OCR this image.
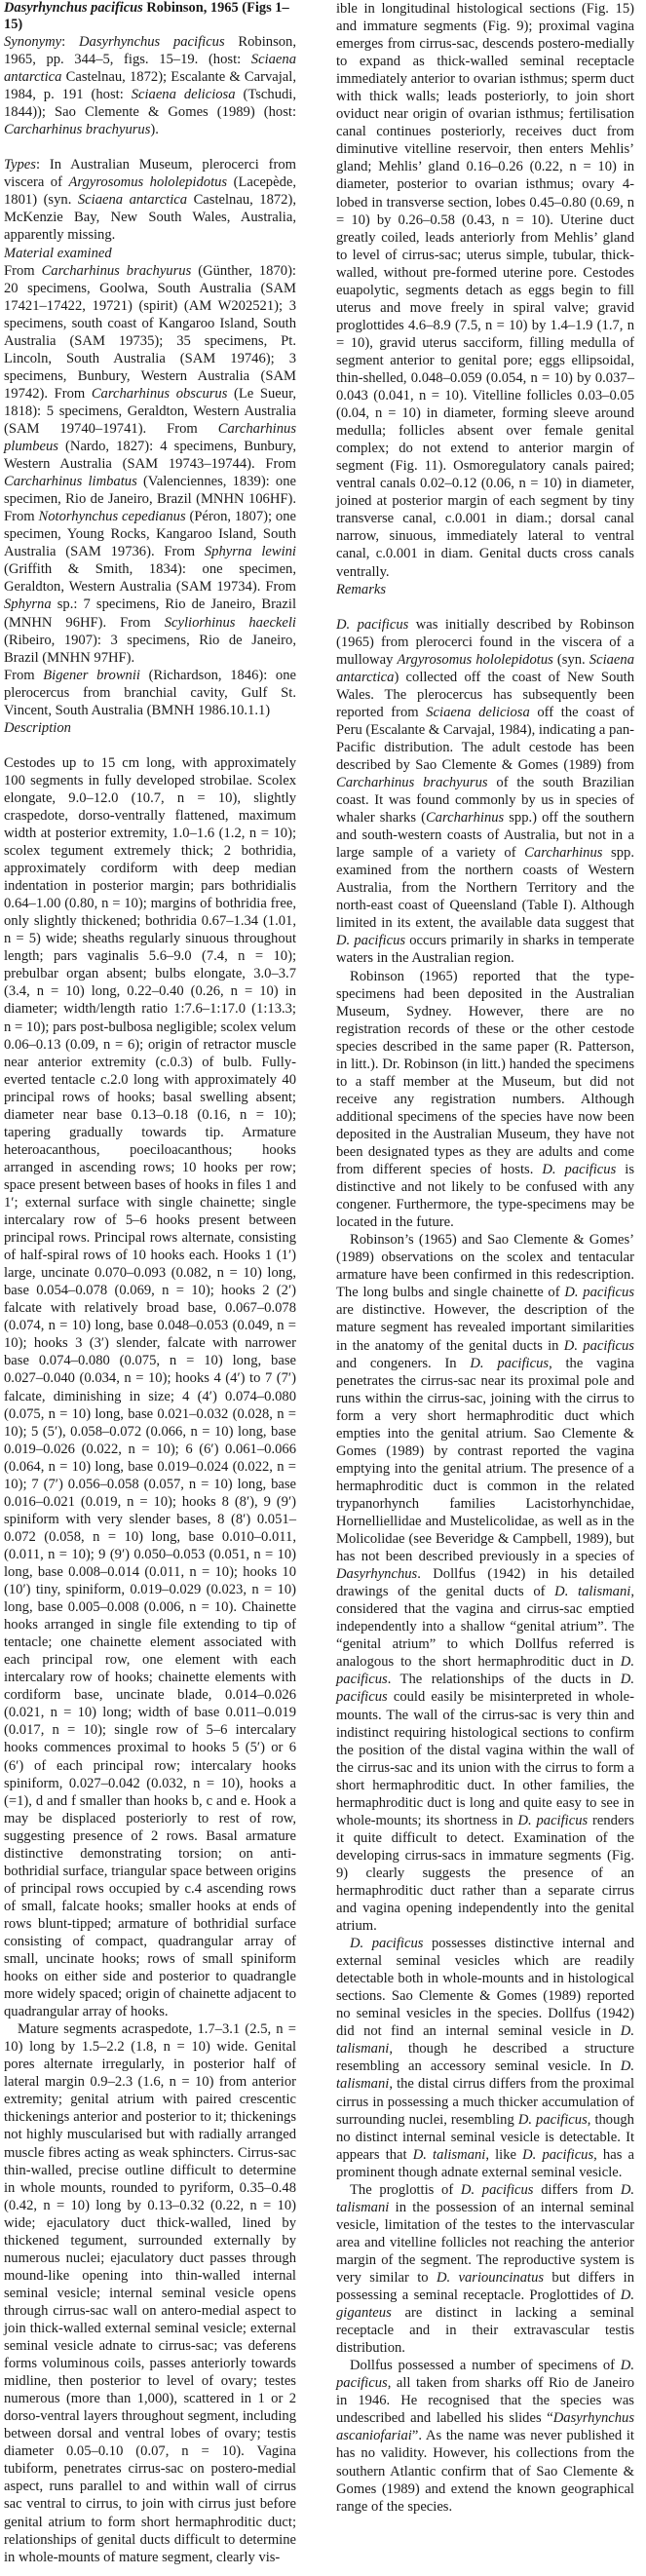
Dasyrhynchus pacificus Robinson, 1965 (Figs 1–15)

Synonymy: Dasyrhynchus pacificus Robinson, 1965, pp. 344–5, figs. 15–19. (host: Sciaena antarctica Castelnau, 1872); Escalante & Carvajal, 1984, p. 191 (host: Sciaena deliciosa (Tschudi, 1844)); Sao Clemente & Gomes (1989) (host: Carcharhinus brachyurus).

Types: In Australian Museum, plerocerci from viscera of Argyrosomus hololepidotus (Lacepède, 1801) (syn. Sciaena antarctica Castelnau, 1872), McKenzie Bay, New South Wales, Australia, apparently missing.

Material examined

From Carcharhinus brachyurus (Günther, 1870): 20 specimens, Goolwa, South Australia (SAM 17421–17422, 19721) (spirit) (AM W202521); 3 specimens, south coast of Kangaroo Island, South Australia (SAM 19735); 35 specimens, Pt. Lincoln, South Australia (SAM 19746); 3 specimens, Bunbury, Western Australia (SAM 19742). From Carcharhinus obscurus (Le Sueur, 1818): 5 specimens, Geraldton, Western Australia (SAM 19740–19741). From Carcharhinus plumbeus (Nardo, 1827): 4 specimens, Bunbury, Western Australia (SAM 19743–19744). From Carcharhinus limbatus (Valenciennes, 1839): one specimen, Rio de Janeiro, Brazil (MNHN 106HF). From Notorhynchus cepedianus (Péron, 1807); one specimen, Young Rocks, Kangaroo Island, South Australia (SAM 19736). From Sphyrna lewini (Griffith & Smith, 1834): one specimen, Geraldton, Western Australia (SAM 19734). From Sphyrna sp.: 7 specimens, Rio de Janeiro, Brazil (MNHN 96HF). From Scyliorhinus haeckeli (Ribeiro, 1907): 3 specimens, Rio de Janeiro, Brazil (MNHN 97HF).

From Bigener brownii (Richardson, 1846): one plerocercus from branchial cavity, Gulf St. Vincent, South Australia (BMNH 1986.10.1.1)

Description

Cestodes up to 15 cm long, with approximately 100 segments in fully developed strobilae. Scolex elongate, 9.0–12.0 (10.7, n = 10), slightly craspedote, dorso-ventrally flattened, maximum width at posterior extremity, 1.0–1.6 (1.2, n = 10); scolex tegument extremely thick; 2 bothridia, approximately cordiform with deep median indentation in posterior margin; pars bothridialis 0.64–1.00 (0.80, n = 10); margins of bothridia free, only slightly thickened; bothridia 0.67–1.34 (1.01, n = 5) wide; sheaths regularly sinuous throughout length; pars vaginalis 5.6–9.0 (7.4, n = 10); prebulbar organ absent; bulbs elongate, 3.0–3.7 (3.4, n = 10) long, 0.22–0.40 (0.26, n = 10) in diameter; width/length ratio 1:7.6–1:17.0 (1:13.3; n = 10); pars post-bulbosa negligible; scolex velum 0.06–0.13 (0.09, n = 6); origin of retractor muscle near anterior extremity (c.0.3) of bulb. Fully-everted tentacle c.2.0 long with approximately 40 principal rows of hooks; basal swelling absent; diameter near base 0.13–0.18 (0.16, n = 10); tapering gradually towards tip. Armature heteroacanthous, poeciloacanthous; hooks arranged in ascending rows; 10 hooks per row; space present between bases of hooks in files 1 and 1′; external surface with single chainette; single intercalary row of 5–6 hooks present between principal rows. Principal rows alternate, consisting of half-spiral rows of 10 hooks each. Hooks 1 (1′) large, uncinate 0.070–0.093 (0.082, n = 10) long, base 0.054–0.078 (0.069, n = 10); hooks 2 (2′) falcate with relatively broad base, 0.067–0.078 (0.074, n = 10) long, base 0.048–0.053 (0.049, n = 10); hooks 3 (3′) slender, falcate with narrower base 0.074–0.080 (0.075, n = 10) long, base 0.027–0.040 (0.034, n = 10); hooks 4 (4′) to 7 (7′) falcate, diminishing in size; 4 (4′) 0.074–0.080 (0.075, n = 10) long, base 0.021–0.032 (0.028, n = 10); 5 (5′), 0.058–0.072 (0.066, n = 10) long, base 0.019–0.026 (0.022, n = 10); 6 (6′) 0.061–0.066 (0.064, n = 10) long, base 0.019–0.024 (0.022, n = 10); 7 (7′) 0.056–0.058 (0.057, n = 10) long, base 0.016–0.021 (0.019, n = 10); hooks 8 (8′), 9 (9′) spiniform with very slender bases, 8 (8′) 0.051–0.072 (0.058, n = 10) long, base 0.010–0.011, (0.011, n = 10); 9 (9′) 0.050–0.053 (0.051, n = 10) long, base 0.008–0.014 (0.011, n = 10); hooks 10 (10′) tiny, spiniform, 0.019–0.029 (0.023, n = 10) long, base 0.005–0.008 (0.006, n = 10). Chainette hooks arranged in single file extending to tip of tentacle; one chainette element associated with each principal row, one element with each intercalary row of hooks; chainette elements with cordiform base, uncinate blade, 0.014–0.026 (0.021, n = 10) long; width of base 0.011–0.019 (0.017, n = 10); single row of 5–6 intercalary hooks commences proximal to hooks 5 (5′) or 6 (6′) of each principal row; intercalary hooks spiniform, 0.027–0.042 (0.032, n = 10), hooks a (=1), d and f smaller than hooks b, c and e. Hook a may be displaced posteriorly to rest of row, suggesting presence of 2 rows. Basal armature distinctive demonstrating torsion; on anti-bothridial surface, triangular space between origins of principal rows occupied by c.4 ascending rows of small, falcate hooks; smaller hooks at ends of rows blunt-tipped; armature of bothridial surface consisting of compact, quadrangular array of small, uncinate hooks; rows of small spiniform hooks on either side and posterior to quadrangle more widely spaced; origin of chainette adjacent to quadrangular array of hooks.

Mature segments acraspedote, 1.7–3.1 (2.5, n = 10) long by 1.5–2.2 (1.8, n = 10) wide. Genital pores alternate irregularly, in posterior half of lateral margin 0.9–2.3 (1.6, n = 10) from anterior extremity; genital atrium with paired crescentic thickenings anterior and posterior to it; thickenings not highly muscularised but with radially arranged muscle fibres acting as weak sphincters. Cirrus-sac thin-walled, precise outline difficult to determine in whole mounts, rounded to pyriform, 0.35–0.48 (0.42, n = 10) long by 0.13–0.32 (0.22, n = 10) wide; ejaculatory duct thick-walled, lined by thickened tegument, surrounded externally by numerous nuclei; ejaculatory duct passes through mound-like opening into thin-walled internal seminal vesicle; internal seminal vesicle opens through cirrus-sac wall on antero-medial aspect to join thick-walled external seminal vesicle; external seminal vesicle adnate to cirrus-sac; vas deferens forms voluminous coils, passes anteriorly towards midline, then posterior to level of ovary; testes numerous (more than 1,000), scattered in 1 or 2 dorso-ventral layers throughout segment, including between dorsal and ventral lobes of ovary; testis diameter 0.05–0.10 (0.07, n = 10). Vagina tubiform, penetrates cirrus-sac on postero-medial aspect, runs parallel to and within wall of cirrus sac ventral to cirrus, to join with cirrus just before genital atrium to form short hermaphroditic duct; relationships of genital ducts difficult to determine in whole-mounts of mature segment, clearly vis-

ible in longitudinal histological sections (Fig. 15) and immature segments (Fig. 9); proximal vagina emerges from cirrus-sac, descends postero-medially to expand as thick-walled seminal receptacle immediately anterior to ovarian isthmus; sperm duct with thick walls; leads posteriorly, to join short oviduct near origin of ovarian isthmus; fertilisation canal continues posteriorly, receives duct from diminutive vitelline reservoir, then enters Mehlis’ gland; Mehlis’ gland 0.16–0.26 (0.22, n = 10) in diameter, posterior to ovarian isthmus; ovary 4-lobed in transverse section, lobes 0.45–0.80 (0.69, n = 10) by 0.26–0.58 (0.43, n = 10). Uterine duct greatly coiled, leads anteriorly from Mehlis’ gland to level of cirrus-sac; uterus simple, tubular, thick-walled, without pre-formed uterine pore. Cestodes euapolytic, segments detach as eggs begin to fill uterus and move freely in spiral valve; gravid proglottides 4.6–8.9 (7.5, n = 10) by 1.4–1.9 (1.7, n = 10), gravid uterus sacciform, filling medulla of segment anterior to genital pore; eggs ellipsoidal, thin-shelled, 0.048–0.059 (0.054, n = 10) by 0.037–0.043 (0.041, n = 10). Vitelline follicles 0.03–0.05 (0.04, n = 10) in diameter, forming sleeve around medulla; follicles absent over female genital complex; do not extend to anterior margin of segment (Fig. 11). Osmoregulatory canals paired; ventral canals 0.02–0.12 (0.06, n = 10) in diameter, joined at posterior margin of each segment by tiny transverse canal, c.0.001 in diam.; dorsal canal narrow, sinuous, immediately lateral to ventral canal, c.0.001 in diam. Genital ducts cross canals ventrally.

Remarks

D. pacificus was initially described by Robinson (1965) from plerocerci found in the viscera of a mulloway Argyrosomus hololepidotus (syn. Sciaena antarctica) collected off the coast of New South Wales. The plerocercus has subsequently been reported from Sciaena deliciosa off the coast of Peru (Escalante & Carvajal, 1984), indicating a pan-Pacific distribution. The adult cestode has been described by Sao Clemente & Gomes (1989) from Carcharhinus brachyurus of the south Brazilian coast. It was found commonly by us in species of whaler sharks (Carcharhinus spp.) off the southern and south-western coasts of Australia, but not in a large sample of a variety of Carcharhinus spp. examined from the northern coasts of Western Australia, from the Northern Territory and the north-east coast of Queensland (Table I). Although limited in its extent, the available data suggest that D. pacificus occurs primarily in sharks in temperate waters in the Australian region.

Robinson (1965) reported that the type-specimens had been deposited in the Australian Museum, Sydney. However, there are no registration records of these or the other cestode species described in the same paper (R. Patterson, in litt.). Dr. Robinson (in litt.) handed the specimens to a staff member at the Museum, but did not receive any registration numbers. Although additional specimens of the species have now been deposited in the Australian Museum, they have not been designated types as they are adults and come from different species of hosts. D. pacificus is distinctive and not likely to be confused with any congener. Furthermore, the type-specimens may be located in the future.

Robinson’s (1965) and Sao Clemente & Gomes’ (1989) observations on the scolex and tentacular armature have been confirmed in this redescription. The long bulbs and single chainette of D. pacificus are distinctive. However, the description of the mature segment has revealed important similarities in the anatomy of the genital ducts in D. pacificus and congeners. In D. pacificus, the vagina penetrates the cirrus-sac near its proximal pole and runs within the cirrus-sac, joining with the cirrus to form a very short hermaphroditic duct which empties into the genital atrium. Sao Clemente & Gomes (1989) by contrast reported the vagina emptying into the genital atrium. The presence of a hermaphroditic duct is common in the related trypanorhynch families Lacistorhynchidae, Hornelliellidae and Mustelicolidae, as well as in the Molicolidae (see Beveridge & Campbell, 1989), but has not been described previously in a species of Dasyrhynchus. Dollfus (1942) in his detailed drawings of the genital ducts of D. talismani, considered that the vagina and cirrus-sac emptied independently into a shallow “genital atrium”. The “genital atrium” to which Dollfus referred is analogous to the short hermaphroditic duct in D. pacificus. The relationships of the ducts in D. pacificus could easily be misinterpreted in whole-mounts. The wall of the cirrus-sac is very thin and indistinct requiring histological sections to confirm the position of the distal vagina within the wall of the cirrus-sac and its union with the cirrus to form a short hermaphroditic duct. In other families, the hermaphroditic duct is long and quite easy to see in whole-mounts; its shortness in D. pacificus renders it quite difficult to detect. Examination of the developing cirrus-sacs in immature segments (Fig. 9) clearly suggests the presence of an hermaphroditic duct rather than a separate cirrus and vagina opening independently into the genital atrium.

D. pacificus possesses distinctive internal and external seminal vesicles which are readily detectable both in whole-mounts and in histological sections. Sao Clemente & Gomes (1989) reported no seminal vesicles in the species. Dollfus (1942) did not find an internal seminal vesicle in D. talismani, though he described a structure resembling an accessory seminal vesicle. In D. talismani, the distal cirrus differs from the proximal cirrus in possessing a much thicker accumulation of surrounding nuclei, resembling D. pacificus, though no distinct internal seminal vesicle is detectable. It appears that D. talismani, like D. pacificus, has a prominent though adnate external seminal vesicle.

The proglottis of D. pacificus differs from D. talismani in the possession of an internal seminal vesicle, limitation of the testes to the intervascular area and vitelline follicles not reaching the anterior margin of the segment. The reproductive system is very similar to D. variouncinatus but differs in possessing a seminal receptacle. Proglottides of D. giganteus are distinct in lacking a seminal receptacle and in their extravascular testis distribution.

Dollfus possessed a number of specimens of D. pacificus, all taken from sharks off Rio de Janeiro in 1946. He recognised that the species was undescribed and labelled his slides “Dasyrhynchus ascaniofariai”. As the name was never published it has no validity. However, his collections from the southern Atlantic confirm that of Sao Clemente & Gomes (1989) and extend the known geographical range of the species.
